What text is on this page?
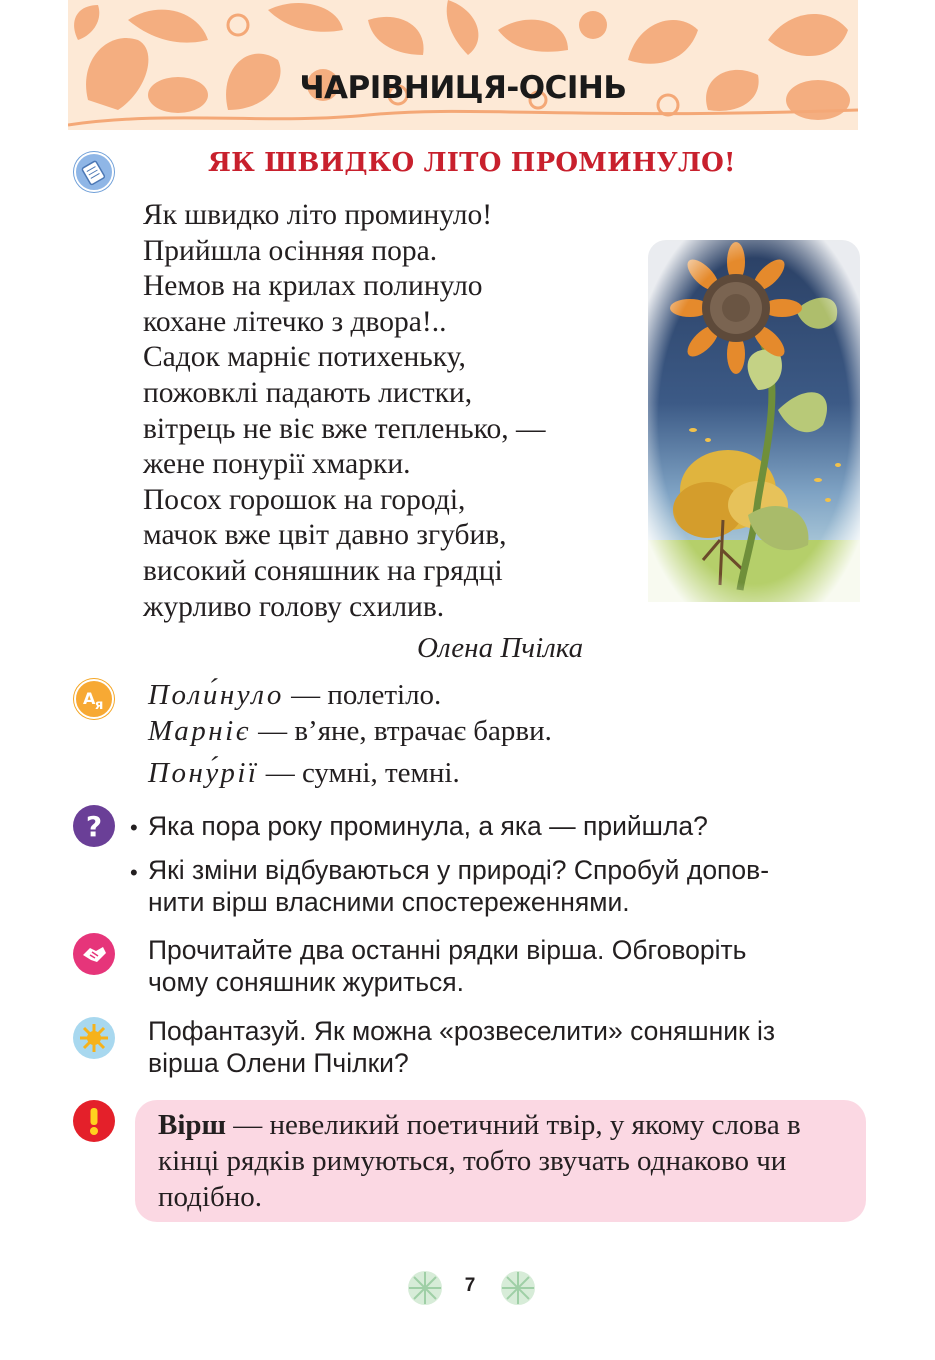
ЧАРІВНИЦЯ-ОСІНЬ
ЯК ШВИДКО ЛІТО ПРОМИНУЛО!
Як швидко літо проминуло!
Прийшла осінняя пора.
Немов на крилах полинуло
кохане літечко з двора!..
Садок марніє потихеньку,
пожовклі падають листки,
вітрець не віє вже тепленько, —
жене понурії хмарки.
Посох горошок на городі,
мачок вже цвіт давно згубив,
високий соняшник на грядці
журливо голову схилив.
Олена Пчілка
А я Поли́нуло — полетіло.
Марніє — в’яне, втрачає барви.
Пону́рії — сумні, темні.
? • Яка пора року проминула, а яка — прийшла?
• Які зміни відбуваються у природі? Спробуй допов-
нити вірш власними спостереженнями.
Прочитайте два останні рядки вірша. Обговоріть
чому соняшник журиться.
Пофантазуй. Як можна «розвеселити» соняшник із
вірша Олени Пчілки?
Вірш — невеликий поетичний твір, у якому слова в кінці рядків римуються, тобто звучать однаково чи подібно.
7
